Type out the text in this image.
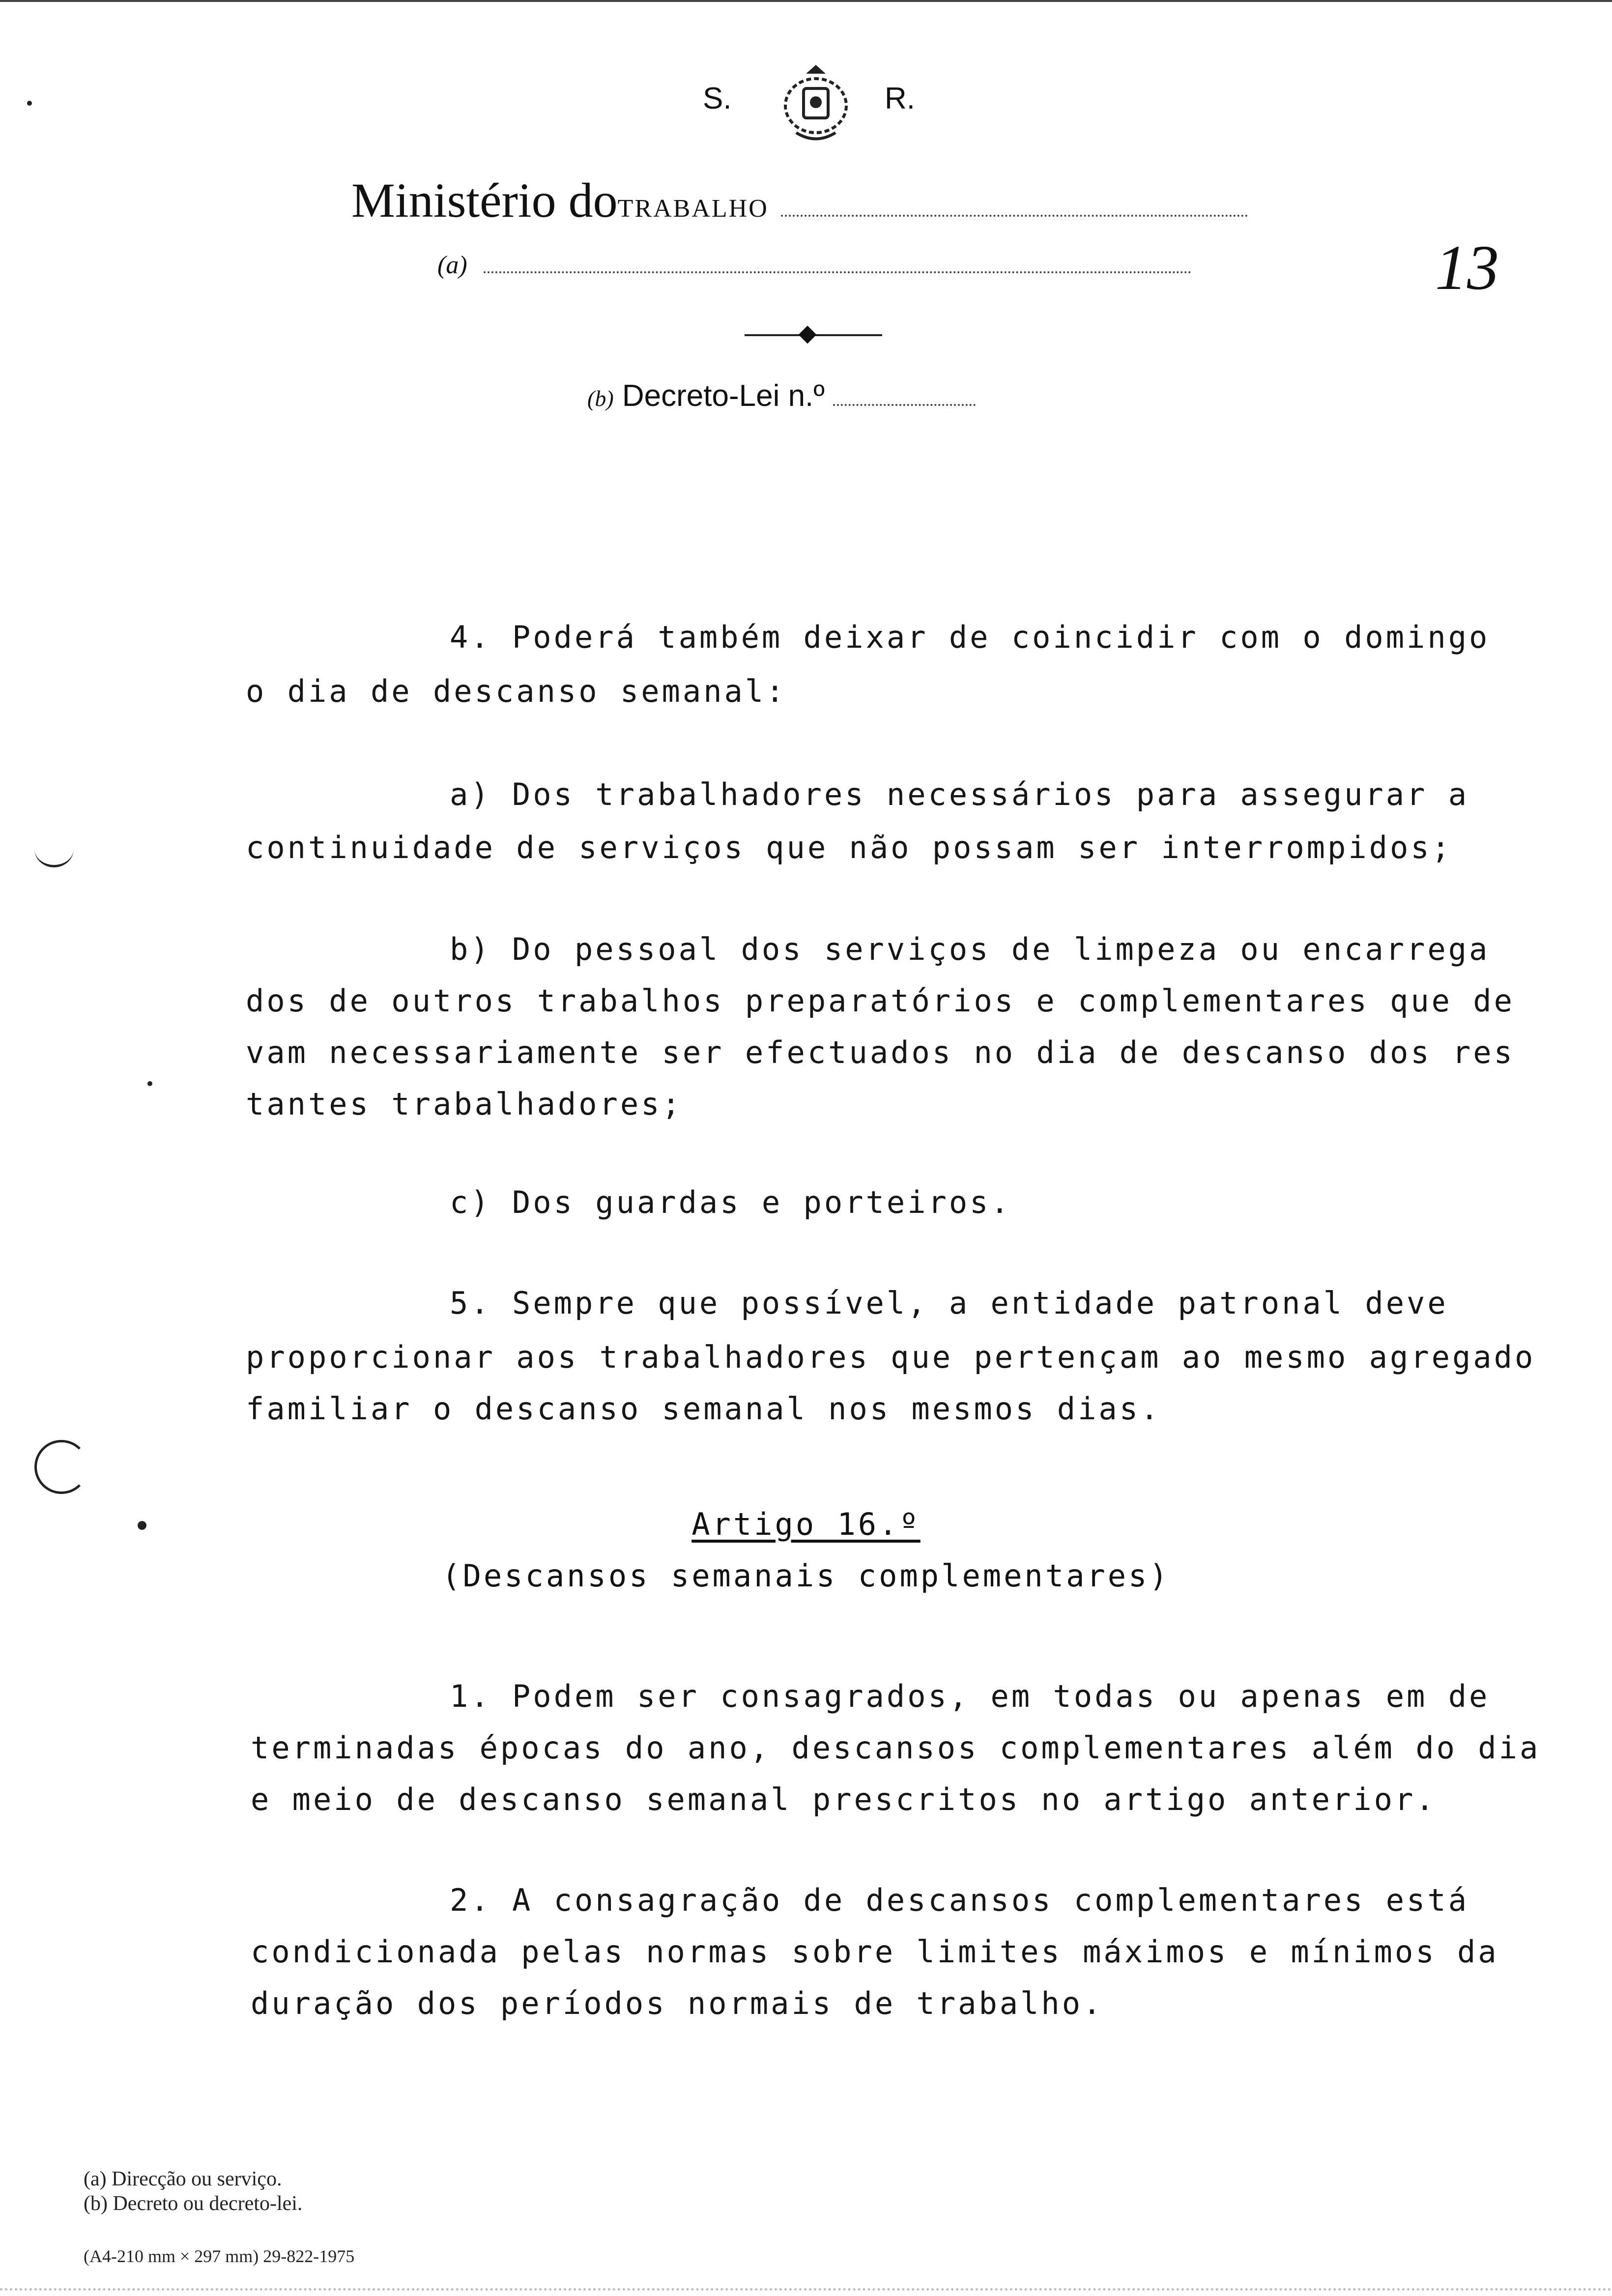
S.	R.
Ministério doTRABALHO
(a)	13
(b) Decreto-Lei n.º
4. Poderá também deixar de coincidir com o domingo
o dia de descanso semanal:
a) Dos trabalhadores necessários para assegurar a
continuidade de serviços que não possam ser interrompidos;
b) Do pessoal dos serviços de limpeza ou encarrega
dos de outros trabalhos preparatórios e complementares que de
vam necessariamente ser efectuados no dia de descanso dos res
tantes trabalhadores;
c) Dos guardas e porteiros.
5. Sempre que possível, a entidade patronal deve
proporcionar aos trabalhadores que pertençam ao mesmo agregado
familiar o descanso semanal nos mesmos dias.
Artigo 16.º
(Descansos semanais complementares)
1. Podem ser consagrados, em todas ou apenas em de
terminadas épocas do ano, descansos complementares além do dia
e meio de descanso semanal prescritos no artigo anterior.
2. A consagração de descansos complementares está
condicionada pelas normas sobre limites máximos e mínimos da
duração dos períodos normais de trabalho.
(a) Direcção ou serviço.
(b) Decreto ou decreto-lei.
(A4-210 mm × 297 mm) 29-822-1975
